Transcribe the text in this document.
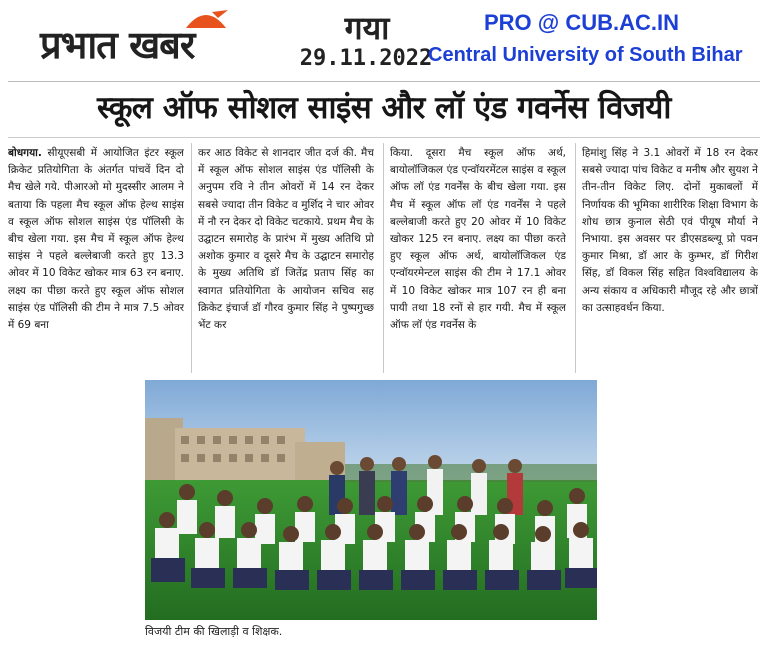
प्रभात खबर	गया
29.11.2022
PRO @ CUB.AC.IN
Central University of South Bihar
स्कूल ऑफ सोशल साइंस और लॉ एंड गवर्नेस विजयी
बोधगया. सीयूएसबी में आयोजित इंटर स्कूल क्रिकेट प्रतियोगिता के अंतर्गत पांचवें दिन दो मैच खेले गये. पीआरओ मो मुदस्सीर आलम ने बताया कि पहला मैच स्कूल ऑफ हेल्थ साइंस व स्कूल ऑफ सोशल साइंस एंड पॉलिसी के बीच खेला गया. इस मैच में स्कूल ऑफ हेल्थ साइंस ने पहले बल्लेबाजी करते हुए 13.3 ओवर में 10 विकेट खोकर मात्र 63 रन बनाए. लक्ष्य का पीछा करते हुए स्कूल ऑफ सोशल साइंस एंड पॉलिसी की टीम ने मात्र 7.5 ओवर में 69 बना
कर आठ विकेट से शानदार जीत दर्ज की. मैच में स्कूल ऑफ सोशल साइंस एंड पॉलिसी के अनुपम रवि ने तीन ओवरों में 14 रन देकर सबसे ज्यादा तीन विकेट व मुर्शिद ने चार ओवर में नौ रन देकर दो विकेट चटकाये. प्रथम मैच के उद्घाटन समारोह के प्रारंभ में मुख्य अतिथि प्रो अशोक कुमार व दूसरे मैच के उद्घाटन समारोह के मुख्य अतिथि डॉ जितेंद्र प्रताप सिंह का स्वागत प्रतियोगिता के आयोजन सचिव सह क्रिकेट इंचार्ज डॉ गौरव कुमार सिंह ने पुष्पगुच्छ भेंट कर
किया. दूसरा मैच स्कूल ऑफ अर्थ, बायोलॉजिकल एंड एन्वॉयरमेंटल साइंस व स्कूल ऑफ लॉ एंड गवर्नेंस के बीच खेला गया. इस मैच में स्कूल ऑफ लॉ एंड गवर्नेंस ने पहले बल्लेबाजी करते हुए 20 ओवर में 10 विकेट खोकर 125 रन बनाए. लक्ष्य का पीछा करते हुए स्कूल ऑफ अर्थ, बायोलॉजिकल एंड एन्वॉयरमेन्टल साइंस की टीम ने 17.1 ओवर में 10 विकेट खोकर मात्र 107 रन ही बना पायी तथा 18 रनों से हार गयी. मैच में स्कूल ऑफ लॉ एंड गवर्नेस के
हिमांशु सिंह ने 3.1 ओवरों में 18 रन देकर सबसे ज्यादा पांच विकेट व मनीष और सुयश ने तीन-तीन विकेट लिए. दोनों मुकाबलों में निर्णायक की भूमिका शारीरिक शिक्षा विभाग के शोध छात्र कुनाल सेठी एवं पीयूष मौर्या ने निभाया. इस अवसर पर डीएसडब्ल्यू प्रो पवन कुमार मिश्रा, डॉ आर के कुम्भर, डॉ गिरीश सिंह, डॉ विकल सिंह सहित विश्वविद्यालय के अन्य संकाय व अधिकारी मौजूद रहे और छात्रों का उत्साहवर्धन किया.
विजयी टीम की खिलाड़ी व शिक्षक.
